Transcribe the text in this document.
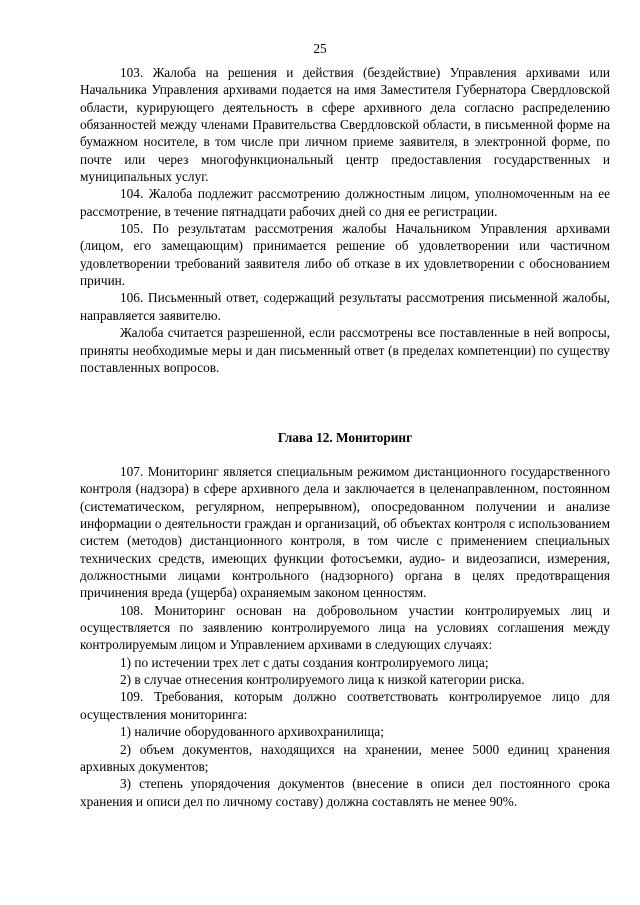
25

103. Жалоба на решения и действия (бездействие) Управления архивами или Начальника Управления архивами подается на имя Заместителя Губернатора Свердловской области, курирующего деятельность в сфере архивного дела согласно распределению обязанностей между членами Правительства Свердловской области, в письменной форме на бумажном носителе, в том числе при личном приеме заявителя, в электронной форме, по почте или через многофункциональный центр предоставления государственных и муниципальных услуг.

104. Жалоба подлежит рассмотрению должностным лицом, уполномоченным на ее рассмотрение, в течение пятнадцати рабочих дней со дня ее регистрации.

105. По результатам рассмотрения жалобы Начальником Управления архивами (лицом, его замещающим) принимается решение об удовлетворении или частичном удовлетворении требований заявителя либо об отказе в их удовлетворении с обоснованием причин.

106. Письменный ответ, содержащий результаты рассмотрения письменной жалобы, направляется заявителю.

Жалоба считается разрешенной, если рассмотрены все поставленные в ней вопросы, приняты необходимые меры и дан письменный ответ (в пределах компетенции) по существу поставленных вопросов.

Глава 12. Мониторинг

107. Мониторинг является специальным режимом дистанционного государственного контроля (надзора) в сфере архивного дела и заключается в целенаправленном, постоянном (систематическом, регулярном, непрерывном), опосредованном получении и анализе информации о деятельности граждан и организаций, об объектах контроля с использованием систем (методов) дистанционного контроля, в том числе с применением специальных технических средств, имеющих функции фотосъемки, аудио- и видеозаписи, измерения, должностными лицами контрольного (надзорного) органа в целях предотвращения причинения вреда (ущерба) охраняемым законом ценностям.

108. Мониторинг основан на добровольном участии контролируемых лиц и осуществляется по заявлению контролируемого лица на условиях соглашения между контролируемым лицом и Управлением архивами в следующих случаях:

1) по истечении трех лет с даты создания контролируемого лица;

2) в случае отнесения контролируемого лица к низкой категории риска.

109. Требования, которым должно соответствовать контролируемое лицо для осуществления мониторинга:

1) наличие оборудованного архивохранилища;

2) объем документов, находящихся на хранении, менее 5000 единиц хранения архивных документов;

3) степень упорядочения документов (внесение в описи дел постоянного срока хранения и описи дел по личному составу) должна составлять не менее 90%.
